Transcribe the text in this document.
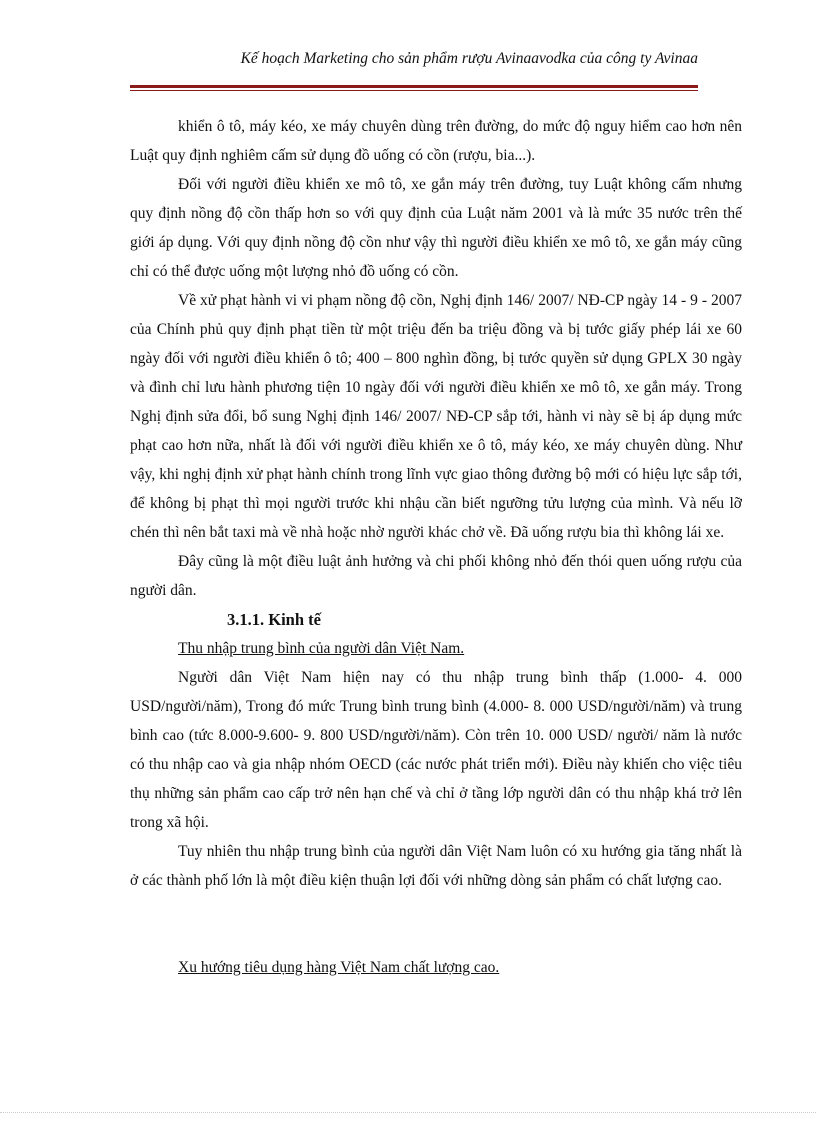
Kế hoạch Marketing cho sản phẩm rượu Avinaavodka của công ty Avinaa

khiển ô tô, máy kéo, xe máy chuyên dùng trên đường, do mức độ nguy hiểm cao hơn nên Luật quy định nghiêm cấm sử dụng đồ uống có cồn (rượu, bia...).

Đối với người điều khiển xe mô tô, xe gắn máy trên đường, tuy Luật không cấm nhưng quy định nồng độ cồn thấp hơn so với quy định của Luật năm 2001 và là mức 35 nước trên thế giới áp dụng. Với quy định nồng độ cồn như vậy thì người điều khiển xe mô tô, xe gắn máy cũng chỉ có thể được uống một lượng nhỏ đồ uống có cồn.

Về xử phạt hành vi vi phạm nồng độ cồn, Nghị định 146/ 2007/ NĐ-CP ngày 14 - 9 - 2007 của Chính phủ quy định phạt tiền từ một triệu đến ba triệu đồng và bị tước giấy phép lái xe 60 ngày đối với người điều khiển ô tô; 400 – 800 nghìn đồng, bị tước quyền sử dụng GPLX 30 ngày và đình chỉ lưu hành phương tiện 10 ngày đối với người điều khiển xe mô tô, xe gắn máy. Trong Nghị định sửa đổi, bổ sung Nghị định 146/ 2007/ NĐ-CP sắp tới, hành vi này sẽ bị áp dụng mức phạt cao hơn nữa, nhất là đối với người điều khiển xe ô tô, máy kéo, xe máy chuyên dùng. Như vậy, khi nghị định xử phạt hành chính trong lĩnh vực giao thông đường bộ mới có hiệu lực sắp tới, để không bị phạt thì mọi người trước khi nhậu cần biết ngưỡng tửu lượng của mình. Và nếu lỡ chén thì nên bắt taxi mà về nhà hoặc nhờ người khác chở về. Đã uống rượu bia thì không lái xe.

Đây cũng là một điều luật ảnh hưởng và chi phối không nhỏ đến thói quen uống rượu của người dân.

3.1.1. Kinh tế

Thu nhập trung bình của người dân Việt Nam.

Người dân Việt Nam hiện nay có thu nhập trung bình thấp (1.000- 4. 000 USD/người/năm), Trong đó mức Trung bình trung bình (4.000- 8. 000 USD/người/năm) và trung bình cao (tức 8.000-9.600- 9. 800 USD/người/năm). Còn trên 10. 000 USD/ người/ năm là nước có thu nhập cao và gia nhập nhóm OECD (các nước phát triển mới). Điều này khiến cho việc tiêu thụ những sản phẩm cao cấp trở nên hạn chế và chỉ ở tầng lớp người dân có thu nhập khá trở lên trong xã hội.

Tuy nhiên thu nhập trung bình của người dân Việt Nam luôn có xu hướng gia tăng nhất là ở các thành phố lớn là một điều kiện thuận lợi đối với những dòng sản phẩm có chất lượng cao.

Xu hướng tiêu dụng hàng Việt Nam chất lượng cao.
